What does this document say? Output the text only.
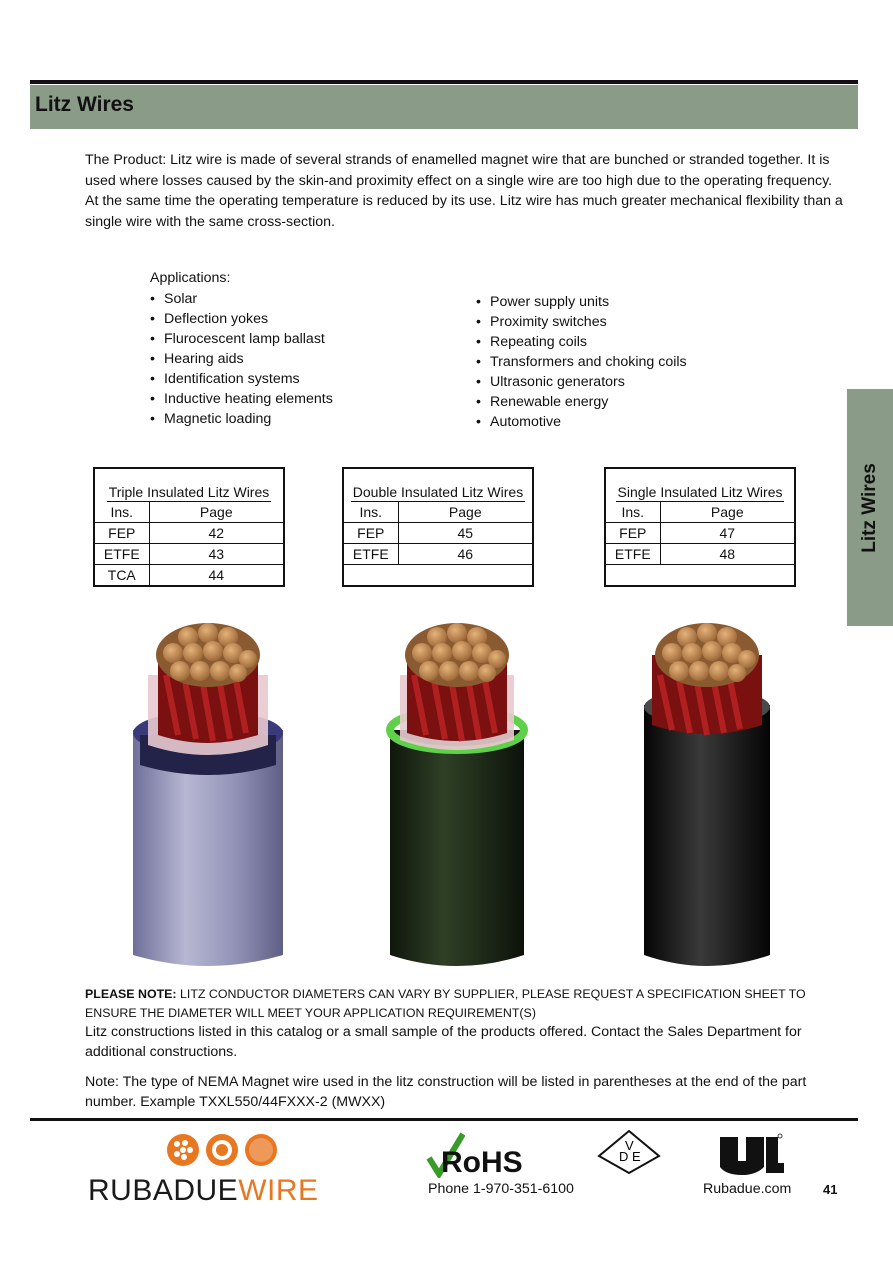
Litz Wires

The Product: Litz wire is made of several strands of enamelled magnet wire that are bunched or stranded together. It is used where losses caused by the skin-and proximity effect on a single wire are too high due to the operating frequency. At the same time the operating temperature is reduced by its use. Litz wire has much greater mechanical flexibility than a single wire with the same cross-section.

Applications:
• Solar
• Deflection yokes
• Flurocescent lamp ballast
• Hearing aids
• Identification systems
• Inductive heating elements
• Magnetic loading
• Power supply units
• Proximity switches
• Repeating coils
• Transformers and choking coils
• Ultrasonic generators
• Renewable energy
• Automotive
Litz Wires
Triple Insulated Litz Wires	
Ins.	Page
FEP	42
ETFE	43
TCA	44
Double Insulated Litz Wires	
Ins.	Page
FEP	45
ETFE	46

Single Insulated Litz Wires	
Ins.	Page
FEP	47
ETFE	48

PLEASE NOTE: LITZ CONDUCTOR DIAMETERS CAN VARY BY SUPPLIER, PLEASE REQUEST A SPECIFICATION SHEET TO ENSURE THE DIAMETER WILL MEET YOUR APPLICATION REQUIREMENT(S)

Litz constructions listed in this catalog or a small sample of the products offered. Contact the Sales Department for additional constructions.

Note: The type of NEMA Magnet wire used in the litz construction will be listed in parentheses at the end of the part number. Example TXXL550/44FXXX-2 (MWXX)

RUBADUEWIRE
RoHS
Phone 1-970-351-6100
D
V
E
Rubadue.com 41
